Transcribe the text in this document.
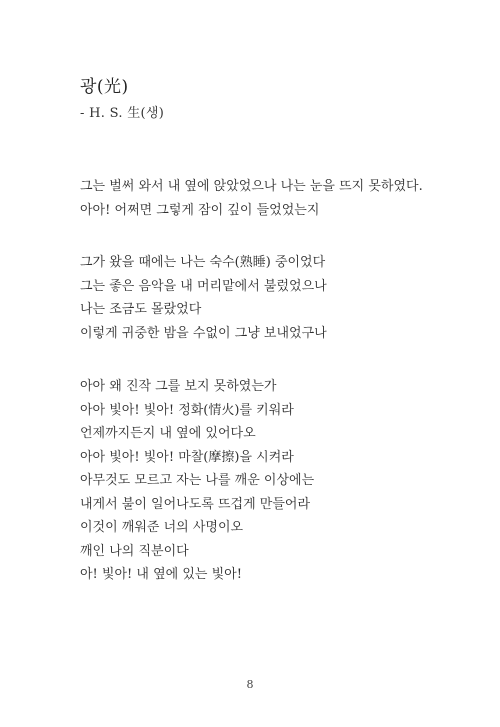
광(光)
- H. S. 生(생)
그는 벌써 와서 내 옆에 앉았었으나 나는 눈을 뜨지 못하였다.
아아! 어쩌면 그렇게 잠이 깊이 들었었는지
그가 왔을 때에는 나는 숙수(熟睡) 중이었다
그는 좋은 음악을 내 머리맡에서 불렀었으나
나는 조금도 몰랐었다
이렇게 귀중한 밤을 수없이 그냥 보내었구나
아아 왜 진작 그를 보지 못하였는가
아아 빛아! 빛아! 정화(情火)를 키워라
언제까지든지 내 옆에 있어다오
아아 빛아! 빛아! 마찰(摩擦)을 시켜라
아무것도 모르고 자는 나를 깨운 이상에는
내게서 불이 일어나도록 뜨겁게 만들어라
이것이 깨워준 너의 사명이오
깨인 나의 직분이다
아! 빛아! 내 옆에 있는 빛아!
8
